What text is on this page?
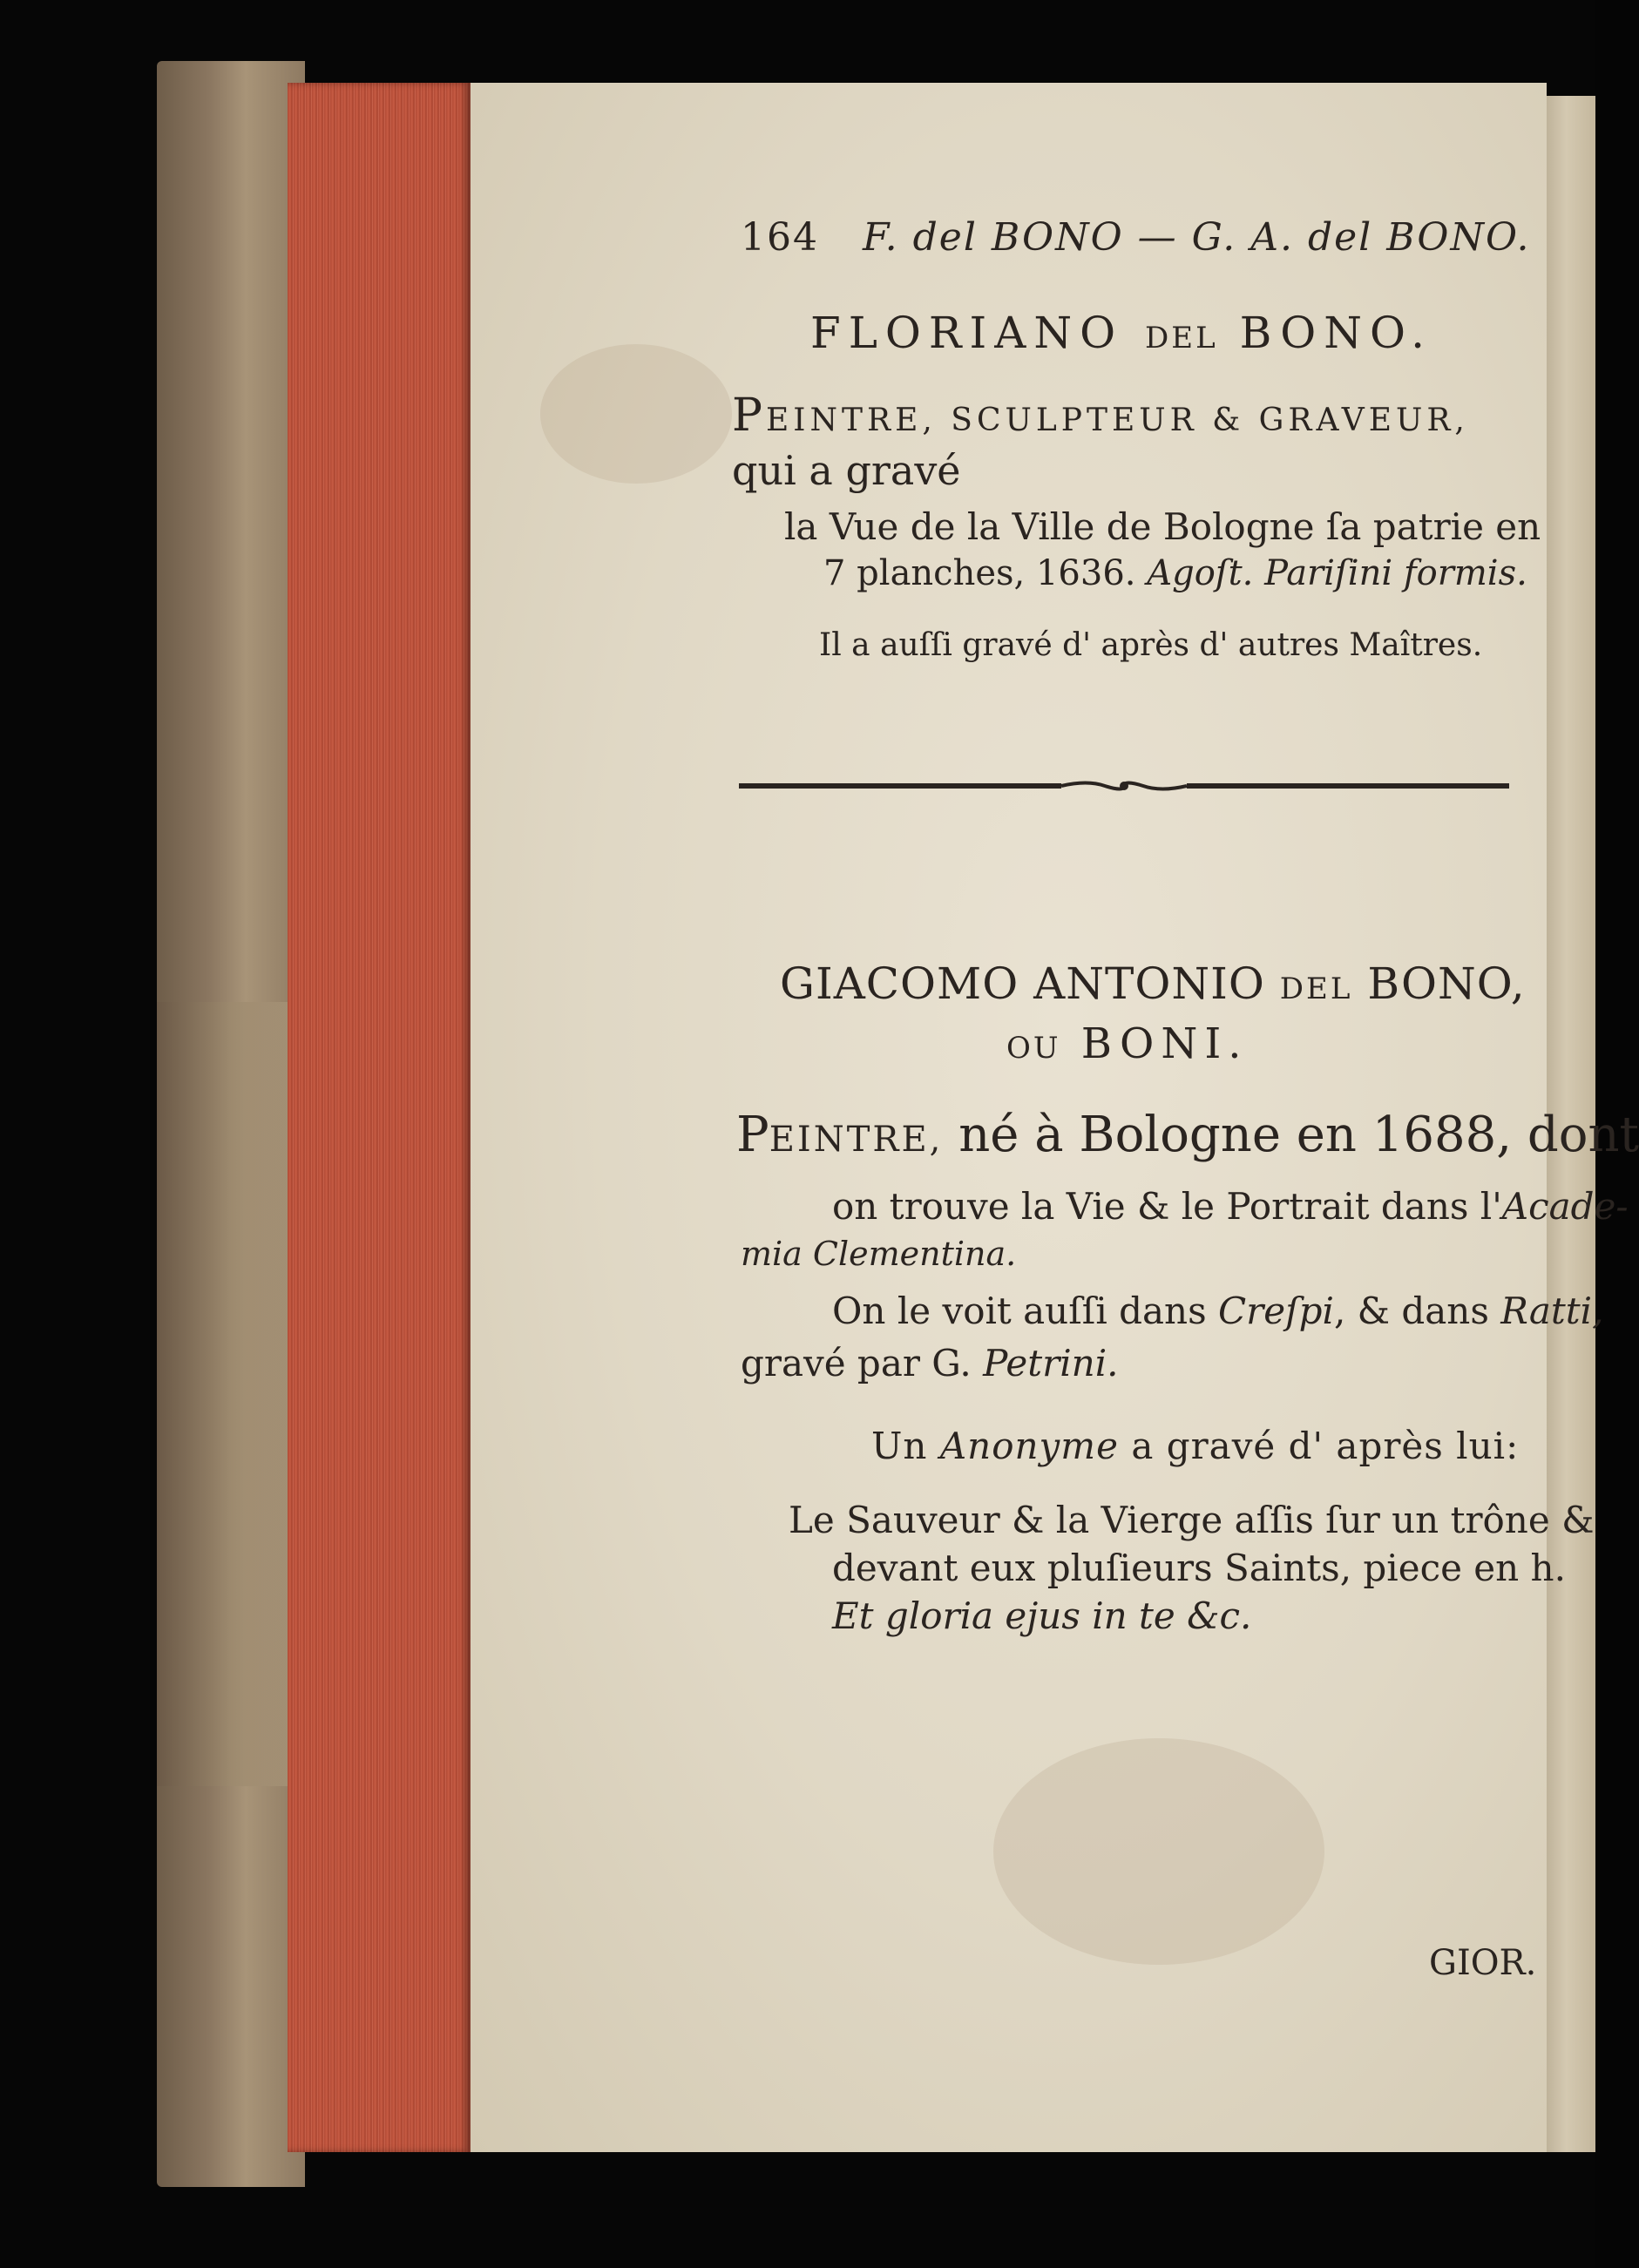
164 F. del BONO — G. A. del BONO.
FLORIANO DEL BONO.
PEINTRE, SCULPTEUR & GRAVEUR,
qui a gravé
la Vue de la Ville de Bologne ſa patrie en
7 planches, 1636. Agoſt. Pariſini formis.
Il a auſſi gravé d' après d' autres Maîtres.
GIACOMO ANTONIO DEL BONO,
OU BONI.
PEINTRE, né à Bologne en 1688, dont
on trouve la Vie & le Portrait dans l'Acade-
mia Clementina.
On le voit auſſi dans Creſpi, & dans Ratti,
gravé par G. Petrini.
Un Anonyme a gravé d' après lui:
Le Sauveur & la Vierge aſſis ſur un trône &
devant eux pluſieurs Saints, piece en h.
Et gloria ejus in te &c.
GIOR.
